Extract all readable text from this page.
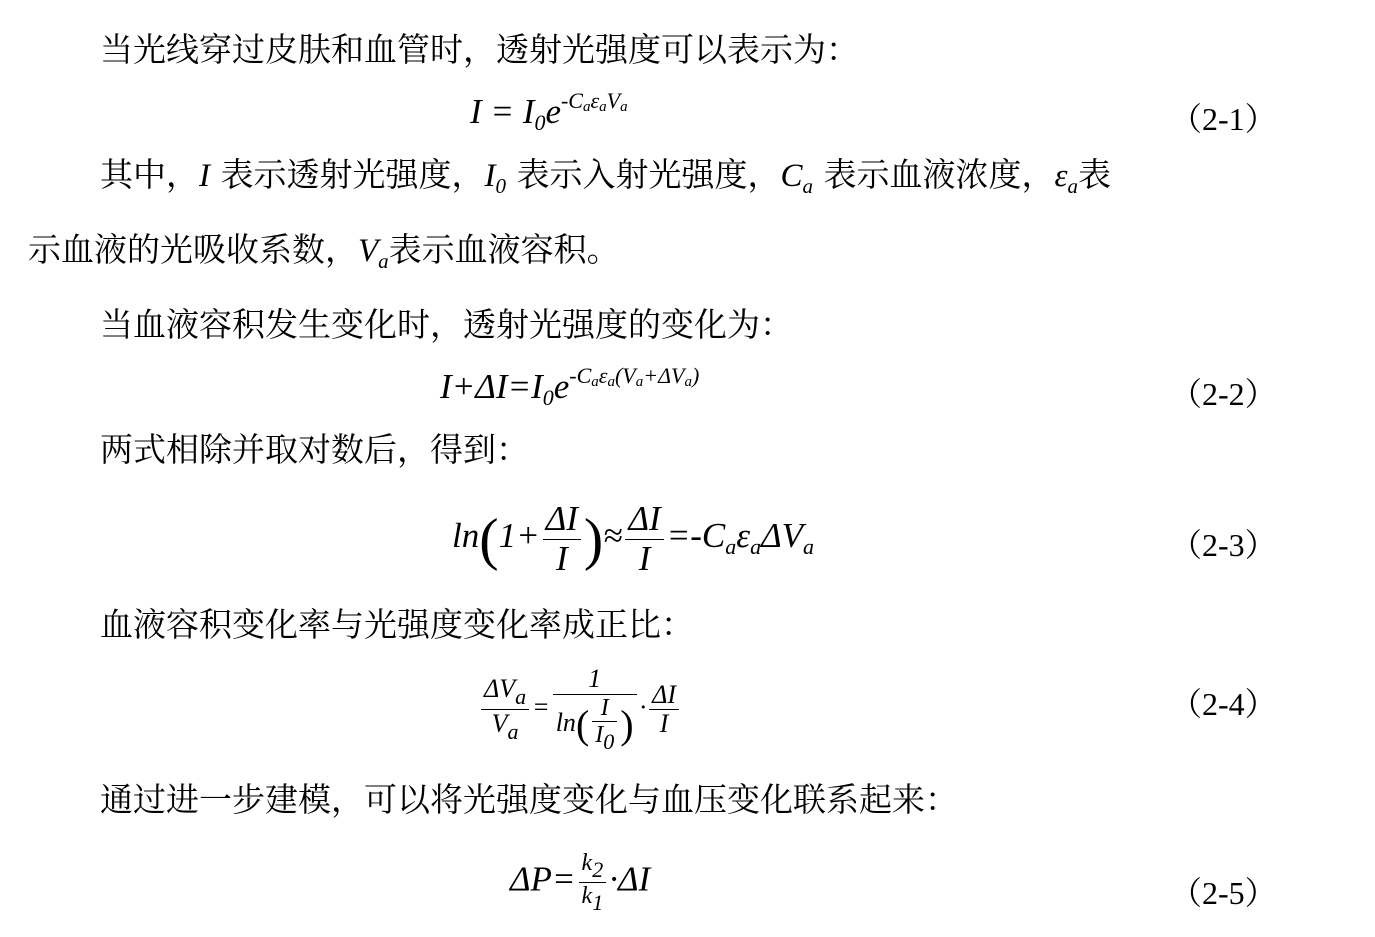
当光线穿过皮肤和血管时，透射光强度可以表示为：
$I = I_0e^{-C_a\varepsilon_aV_a}$	（2-1）
其中，I 表示透射光强度，$I_0$ 表示入射光强度，$C_a$ 表示血液浓度，$\varepsilon_a$表
示血液的光吸收系数，$V_a$表示血液容积。
当血液容积发生变化时，透射光强度的变化为：
$I+\Delta I=I_0e^{-C_a\varepsilon_a(V_a+\Delta V_a)}$
（2-2）
两式相除并取对数后，得到：
$\ln(1+ \frac{\Delta I}{I}$ )≈ $\frac{\Delta I}{I} =-C_a\varepsilon_a\Delta V_a$	（2-3）
血液容积变化率与光强度变化率成正比：
$\frac{\Delta V_a}{V_a} = \frac{1}{\ln( \frac{I}{I_0} )} \cdot \frac{\Delta I}{I}$	（2-4）
通过进一步建模，可以将光强度变化与血压变化联系起来：
$\Delta P= \frac{k_2}{k_1} \cdot\Delta I$	（2-5）
